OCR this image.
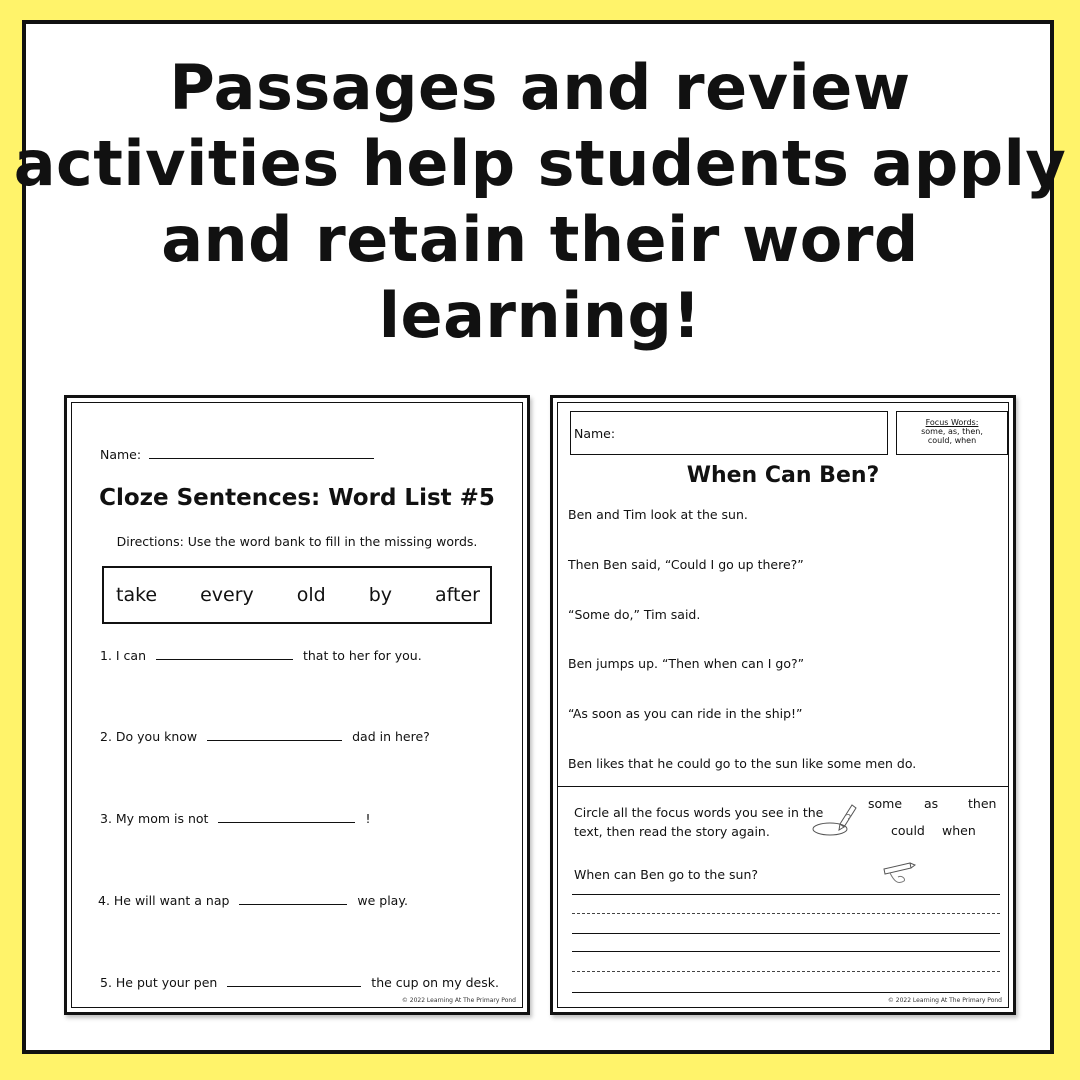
Passages and review
activities help students apply
and retain their word
learning!
Name:
Cloze Sentences: Word List #5
Directions: Use the word bank to fill in the missing words.
take every old by after
1. I can	that to her for you.
2. Do you know	dad in here?
3. My mom is not	!
4. He will want a nap	we play.
5. He put your pen	the cup on my desk.
© 2022 Learning At The Primary Pond
Name:
Focus Words:
some, as, then,
could, when
When Can Ben?
Ben and Tim look at the sun.
Then Ben said, “Could I go up there?”
“Some do,” Tim said.
Ben jumps up. “Then when can I go?”
“As soon as you can ride in the ship!”
Ben likes that he could go to the sun like some men do.
Circle all the focus words you see in the
text, then read the story again.
some as then
could when
When can Ben go to the sun?
© 2022 Learning At The Primary Pond
